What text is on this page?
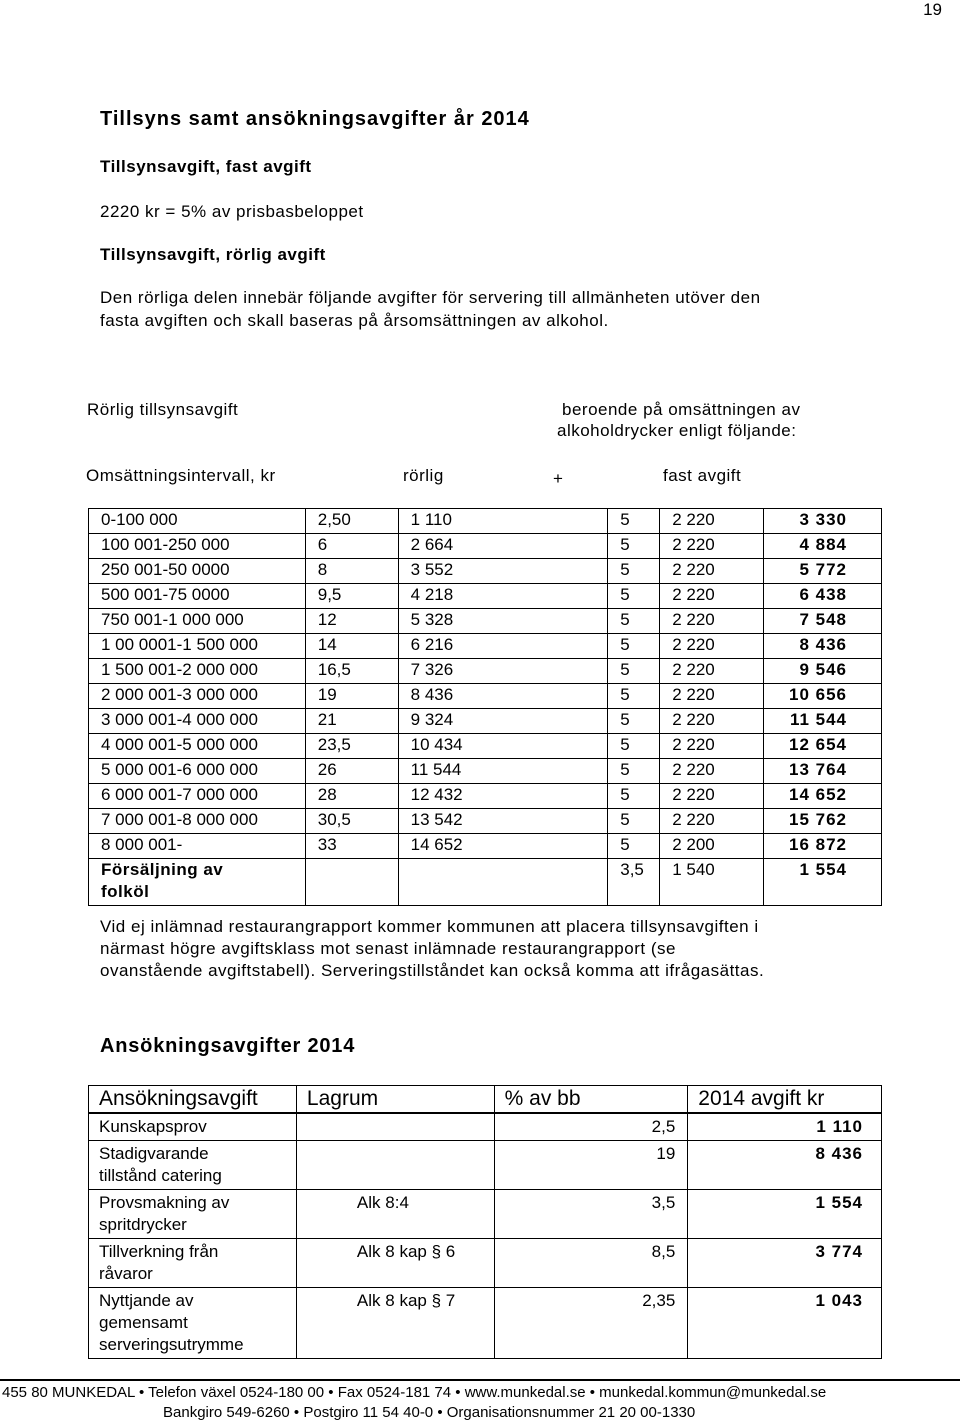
19
Tillsyns samt ansökningsavgifter år 2014
Tillsynsavgift, fast avgift
2220 kr = 5% av prisbasbeloppet
Tillsynsavgift, rörlig avgift
Den rörliga delen innebär följande avgifter för servering till allmänheten utöver den
fasta avgiften och skall baseras på årsomsättningen av alkohol.
Rörlig tillsynsavgift	beroende på omsättningen av
alkoholdrycker enligt följande:
Omsättningsintervall, kr	rörlig	+	fast avgift
0-100 000	2,50	1 110	5	2 220	3 330
100 001-250 000	6	2 664	5	2 220	4 884
250 001-50 0000	8	3 552	5	2 220	5 772
500 001-75 0000	9,5	4 218	5	2 220	6 438
750 001-1 000 000	12	5 328	5	2 220	7 548
1 00 0001-1 500 000	14	6 216	5	2 220	8 436
1 500 001-2 000 000	16,5	7 326	5	2 220	9 546
2 000 001-3 000 000	19	8 436	5	2 220	10 656
3 000 001-4 000 000	21	9 324	5	2 220	11 544
4 000 001-5 000 000	23,5	10 434	5	2 220	12 654
5 000 001-6 000 000	26	11 544	5	2 220	13 764
6 000 001-7 000 000	28	12 432	5	2 220	14 652
7 000 001-8 000 000	30,5	13 542	5	2 220	15 762
8 000 001-	33	14 652	5	2 200	16 872
Försäljning av
folköl			3,5	1 540	1 554
Vid ej inlämnad restaurangrapport kommer kommunen att placera tillsynsavgiften i
närmast högre avgiftsklass mot senast inlämnade restaurangrapport (se
ovanstående avgiftstabell). Serveringstillståndet kan också komma att ifrågasättas.
Ansökningsavgifter 2014
Ansökningsavgift	Lagrum	% av bb	2014 avgift kr

Kunskapsprov		2,5	1 110

Stadigvarande
tillstånd catering		19	8 436

Provsmakning av
spritdrycker	Alk 8:4	3,5	1 554

Tillverkning från
råvaror	Alk 8 kap § 6	8,5	3 774

Nyttjande av
gemensamt
serveringsutrymme	Alk 8 kap § 7	2,35	1 043
455 80 MUNKEDAL • Telefon växel 0524-180 00 • Fax 0524-181 74 • www.munkedal.se • munkedal.kommun@munkedal.se
Bankgiro 549-6260 • Postgiro 11 54 40-0 • Organisationsnummer 21 20 00-1330
